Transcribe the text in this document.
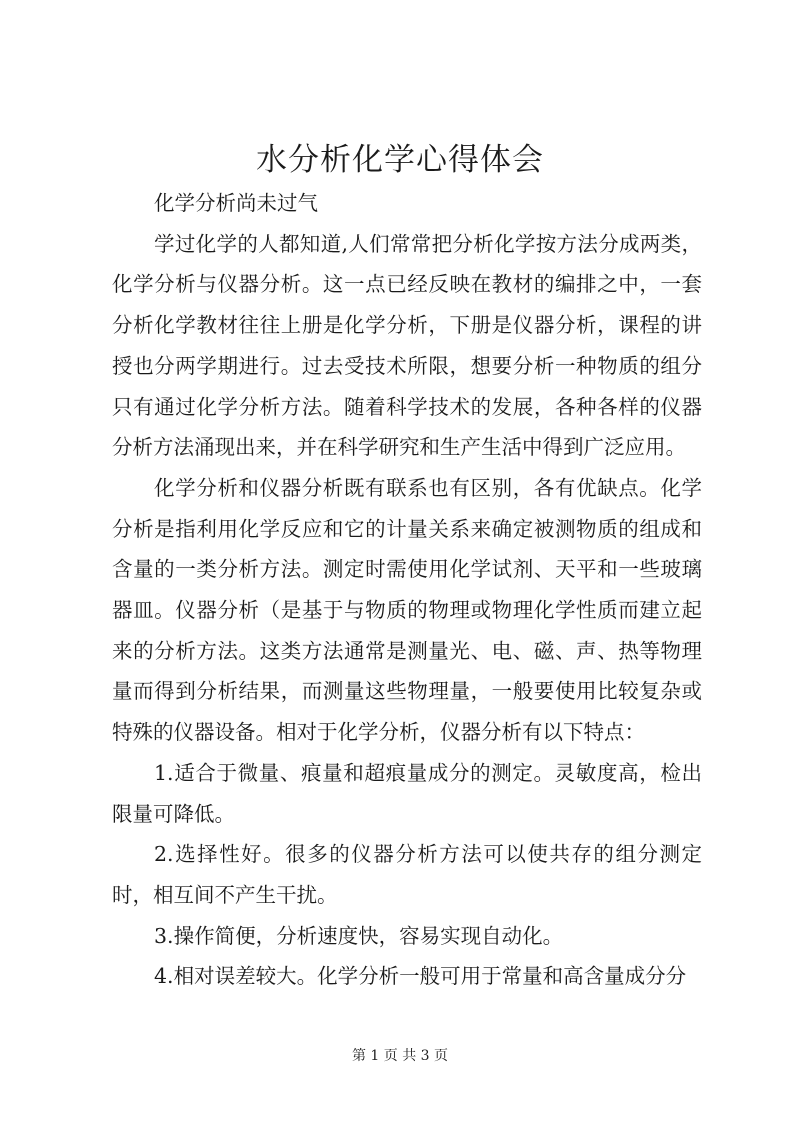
水分析化学心得体会

化学分析尚未过气

学过化学的人都知道,人们常常把分析化学按方法分成两类，化学分析与仪器分析。这一点已经反映在教材的编排之中，一套分析化学教材往往上册是化学分析，下册是仪器分析，课程的讲授也分两学期进行。过去受技术所限，想要分析一种物质的组分只有通过化学分析方法。随着科学技术的发展，各种各样的仪器分析方法涌现出来，并在科学研究和生产生活中得到广泛应用。

化学分析和仪器分析既有联系也有区别，各有优缺点。化学分析是指利用化学反应和它的计量关系来确定被测物质的组成和含量的一类分析方法。测定时需使用化学试剂、天平和一些玻璃器皿。仪器分析（是基于与物质的物理或物理化学性质而建立起来的分析方法。这类方法通常是测量光、电、磁、声、热等物理量而得到分析结果，而测量这些物理量，一般要使用比较复杂或特殊的仪器设备。相对于化学分析，仪器分析有以下特点：

1.适合于微量、痕量和超痕量成分的测定。灵敏度高，检出限量可降低。

2.选择性好。很多的仪器分析方法可以使共存的组分测定时，相互间不产生干扰。

3.操作简便，分析速度快，容易实现自动化。

4.相对误差较大。化学分析一般可用于常量和高含量成分分

第 1 页 共 3 页
